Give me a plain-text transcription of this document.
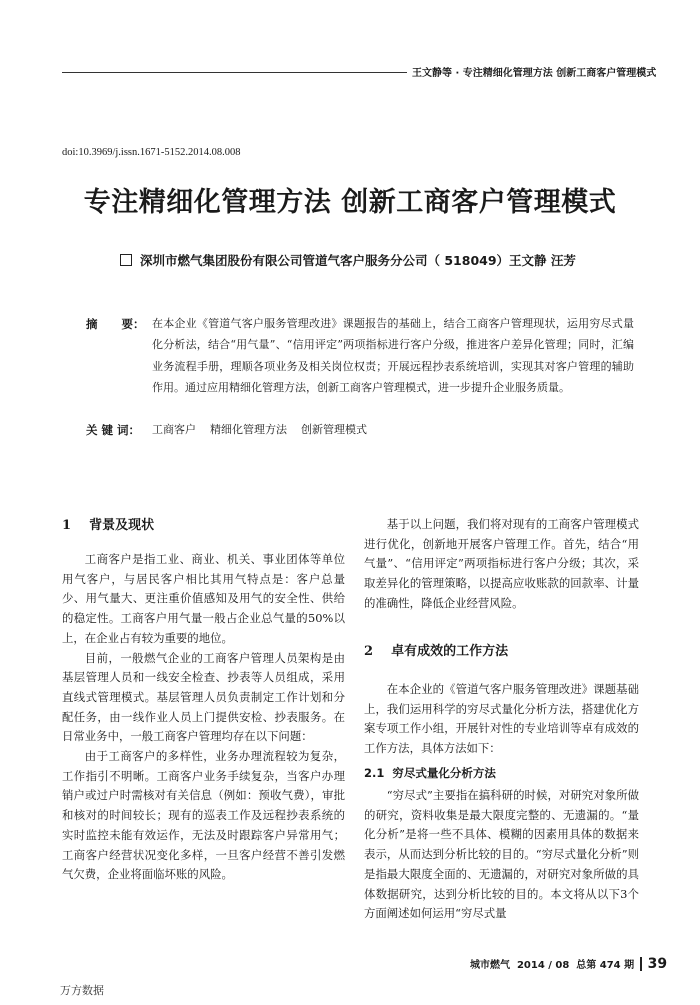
王文静等 · 专注精细化管理方法 创新工商客户管理模式
doi:10.3969/j.issn.1671-5152.2014.08.008
专注精细化管理方法 创新工商客户管理模式
深圳市燃气集团股份有限公司管道气客户服务分公司（ 518049）王文静 汪芳
摘      要： 在本企业《管道气客户服务管理改进》课题报告的基础上，结合工商客户管理现状，运用穷尽式量化分析法，结合“用气量”、“信用评定”两项指标进行客户分级，推进客户差异化管理；同时，汇编业务流程手册，理顺各项业务及相关岗位权责；开展远程抄表系统培训，实现其对客户管理的辅助作用。通过应用精细化管理方法，创新工商客户管理模式，进一步提升企业服务质量。
关 键 词： 工商客户    精细化管理方法    创新管理模式
1    背景及现状

工商客户是指工业、商业、机关、事业团体等单位用气客户，与居民客户相比其用气特点是：客户总量少、用气量大、更注重价值感知及用气的安全性、供给的稳定性。工商客户用气量一般占企业总气量的50%以上，在企业占有较为重要的地位。

目前，一般燃气企业的工商客户管理人员架构是由基层管理人员和一线安全检查、抄表等人员组成，采用直线式管理模式。基层管理人员负责制定工作计划和分配任务，由一线作业人员上门提供安检、抄表服务。在日常业务中，一般工商客户管理均存在以下问题：

由于工商客户的多样性，业务办理流程较为复杂，工作指引不明晰。工商客户业务手续复杂，当客户办理销户或过户时需核对有关信息（例如：预收气费），审批和核对的时间较长；现有的巡表工作及远程抄表系统的实时监控未能有效运作，无法及时跟踪客户异常用气；工商客户经营状况变化多样，一旦客户经营不善引发燃气欠费，企业将面临坏账的风险。

基于以上问题，我们将对现有的工商客户管理模式进行优化，创新地开展客户管理工作。首先，结合“用气量”、“信用评定”两项指标进行客户分级；其次，采取差异化的管理策略，以提高应收账款的回款率、计量的准确性，降低企业经营风险。

2    卓有成效的工作方法

在本企业的《管道气客户服务管理改进》课题基础上，我们运用科学的穷尽式量化分析方法，搭建优化方案专项工作小组，开展针对性的专业培训等卓有成效的工作方法，具体方法如下：

2.1  穷尽式量化分析方法

“穷尽式”主要指在搞科研的时候，对研究对象所做的研究，资料收集是最大限度完整的、无遗漏的。“量化分析”是将一些不具体、模糊的因素用具体的数据来表示，从而达到分析比较的目的。“穷尽式量化分析”则是指最大限度全面的、无遗漏的，对研究对象所做的具体数据研究，达到分析比较的目的。本文将从以下3个方面阐述如何运用“穷尽式量

城市燃气  2014 / 08  总第 474 期 39
万方数据
